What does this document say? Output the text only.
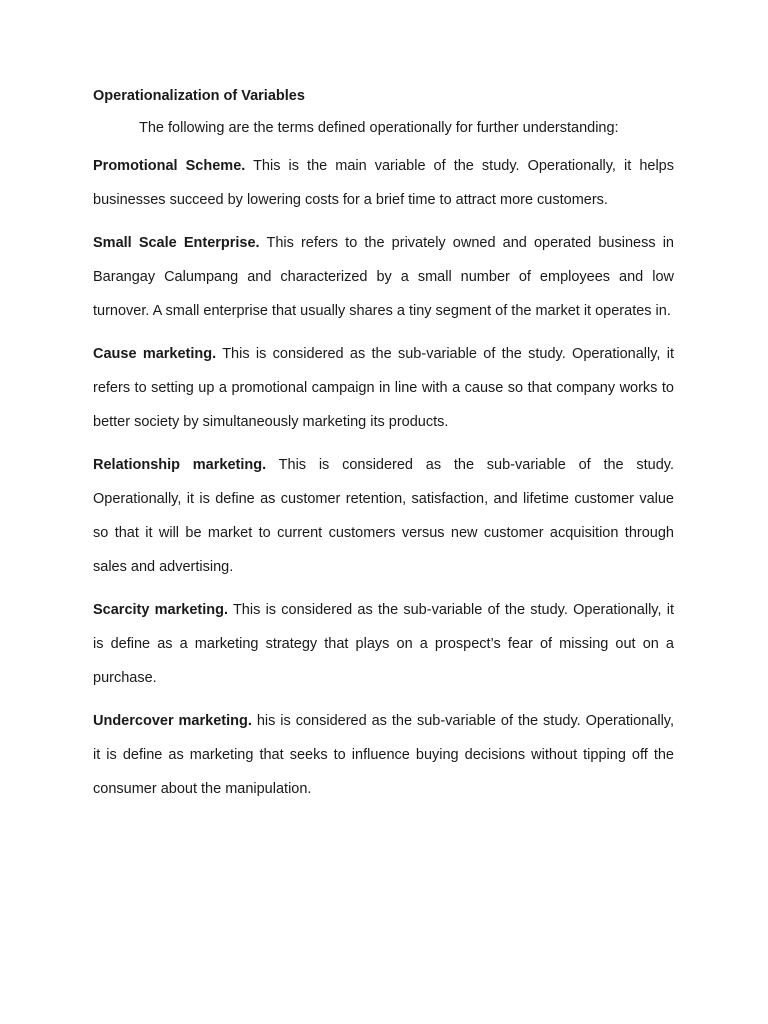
Operationalization of Variables

The following are the terms defined operationally for further understanding:

Promotional Scheme. This is the main variable of the study. Operationally, it helps businesses succeed by lowering costs for a brief time to attract more customers.

Small Scale Enterprise. This refers to the privately owned and operated business in Barangay Calumpang and characterized by a small number of employees and low turnover. A small enterprise that usually shares a tiny segment of the market it operates in.

Cause marketing. This is considered as the sub-variable of the study. Operationally, it refers to setting up a promotional campaign in line with a cause so that company works to better society by simultaneously marketing its products.

Relationship marketing. This is considered as the sub-variable of the study. Operationally, it is define as customer retention, satisfaction, and lifetime customer value so that it will be market to current customers versus new customer acquisition through sales and advertising.

Scarcity marketing. This is considered as the sub-variable of the study. Operationally, it is define as a marketing strategy that plays on a prospect’s fear of missing out on a purchase.

Undercover marketing. his is considered as the sub-variable of the study. Operationally, it is define as marketing that seeks to influence buying decisions without tipping off the consumer about the manipulation.
